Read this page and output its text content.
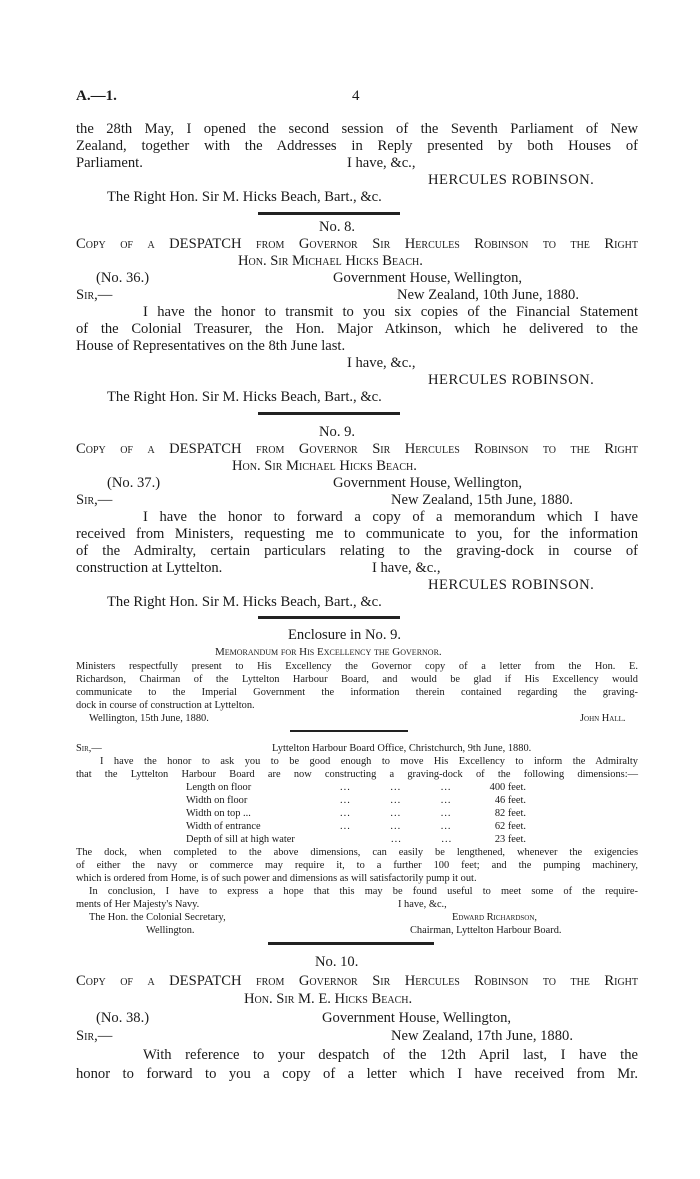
A.—1.	4
the 28th May, I opened the second session of the Seventh Parliament of New
Zealand, together with the Addresses in Reply presented by both Houses of
Parliament.	I have, &c.,
HERCULES ROBINSON.
The Right Hon. Sir M. Hicks Beach, Bart., &c.
No. 8.
Copy of a DESPATCH from Governor Sir Hercules Robinson to the Right
Hon. Sir Michael Hicks Beach.
(No. 36.)	Government House, Wellington,
Sir,—	New Zealand, 10th June, 1880.
I have the honor to transmit to you six copies of the Financial Statement
of the Colonial Treasurer, the Hon. Major Atkinson, which he delivered to the
House of Representatives on the 8th June last.
I have, &c.,
HERCULES ROBINSON.
The Right Hon. Sir M. Hicks Beach, Bart., &c.
No. 9.
Copy of a DESPATCH from Governor Sir Hercules Robinson to the Right
Hon. Sir Michael Hicks Beach.
(No. 37.)	Government House, Wellington,
Sir,—	New Zealand, 15th June, 1880.
I have the honor to forward a copy of a memorandum which I have
received from Ministers, requesting me to communicate to you, for the information
of the Admiralty, certain particulars relating to the graving-dock in course of
construction at Lyttelton.	I have, &c.,
HERCULES ROBINSON.
The Right Hon. Sir M. Hicks Beach, Bart., &c.
Enclosure in No. 9.
Memorandum for His Excellency the Governor.
Ministers respectfully present to His Excellency the Governor copy of a letter from the Hon. E.
Richardson, Chairman of the Lyttelton Harbour Board, and would be glad if His Excellency would
communicate to the Imperial Government the information therein contained regarding the graving-
dock in course of construction at Lyttelton.
Wellington, 15th June, 1880.	John Hall.
Sir,—	Lyttelton Harbour Board Office, Christchurch, 9th June, 1880.
I have the honor to ask you to be good enough to move His Excellency to inform the Admiralty
that the Lyttelton Harbour Board are now constructing a graving-dock of the following dimensions:—
Length on floor	...           ...           ...	400 feet.
Width on floor	...           ...           ...	46 feet.
Width on top ...	...           ...           ...	82 feet.
Width of entrance	...           ...           ...	62 feet.
Depth of sill at high water	...           ...	23 feet.
The dock, when completed to the above dimensions, can easily be lengthened, whenever the exigencies
of either the navy or commerce may require it, to a further 100 feet; and the pumping machinery,
which is ordered from Home, is of such power and dimensions as will satisfactorily pump it out.
In conclusion, I have to express a hope that this may be found useful to meet some of the require-
ments of Her Majesty's Navy.	I have, &c.,
The Hon. the Colonial Secretary,	Edward Richardson,
Wellington.	Chairman, Lyttelton Harbour Board.
No. 10.
Copy of a DESPATCH from Governor Sir Hercules Robinson to the Right
Hon. Sir M. E. Hicks Beach.
(No. 38.)	Government House, Wellington,
Sir,—	New Zealand, 17th June, 1880.
With reference to your despatch of the 12th April last, I have the
honor to forward to you a copy of a letter which I have received from Mr.
